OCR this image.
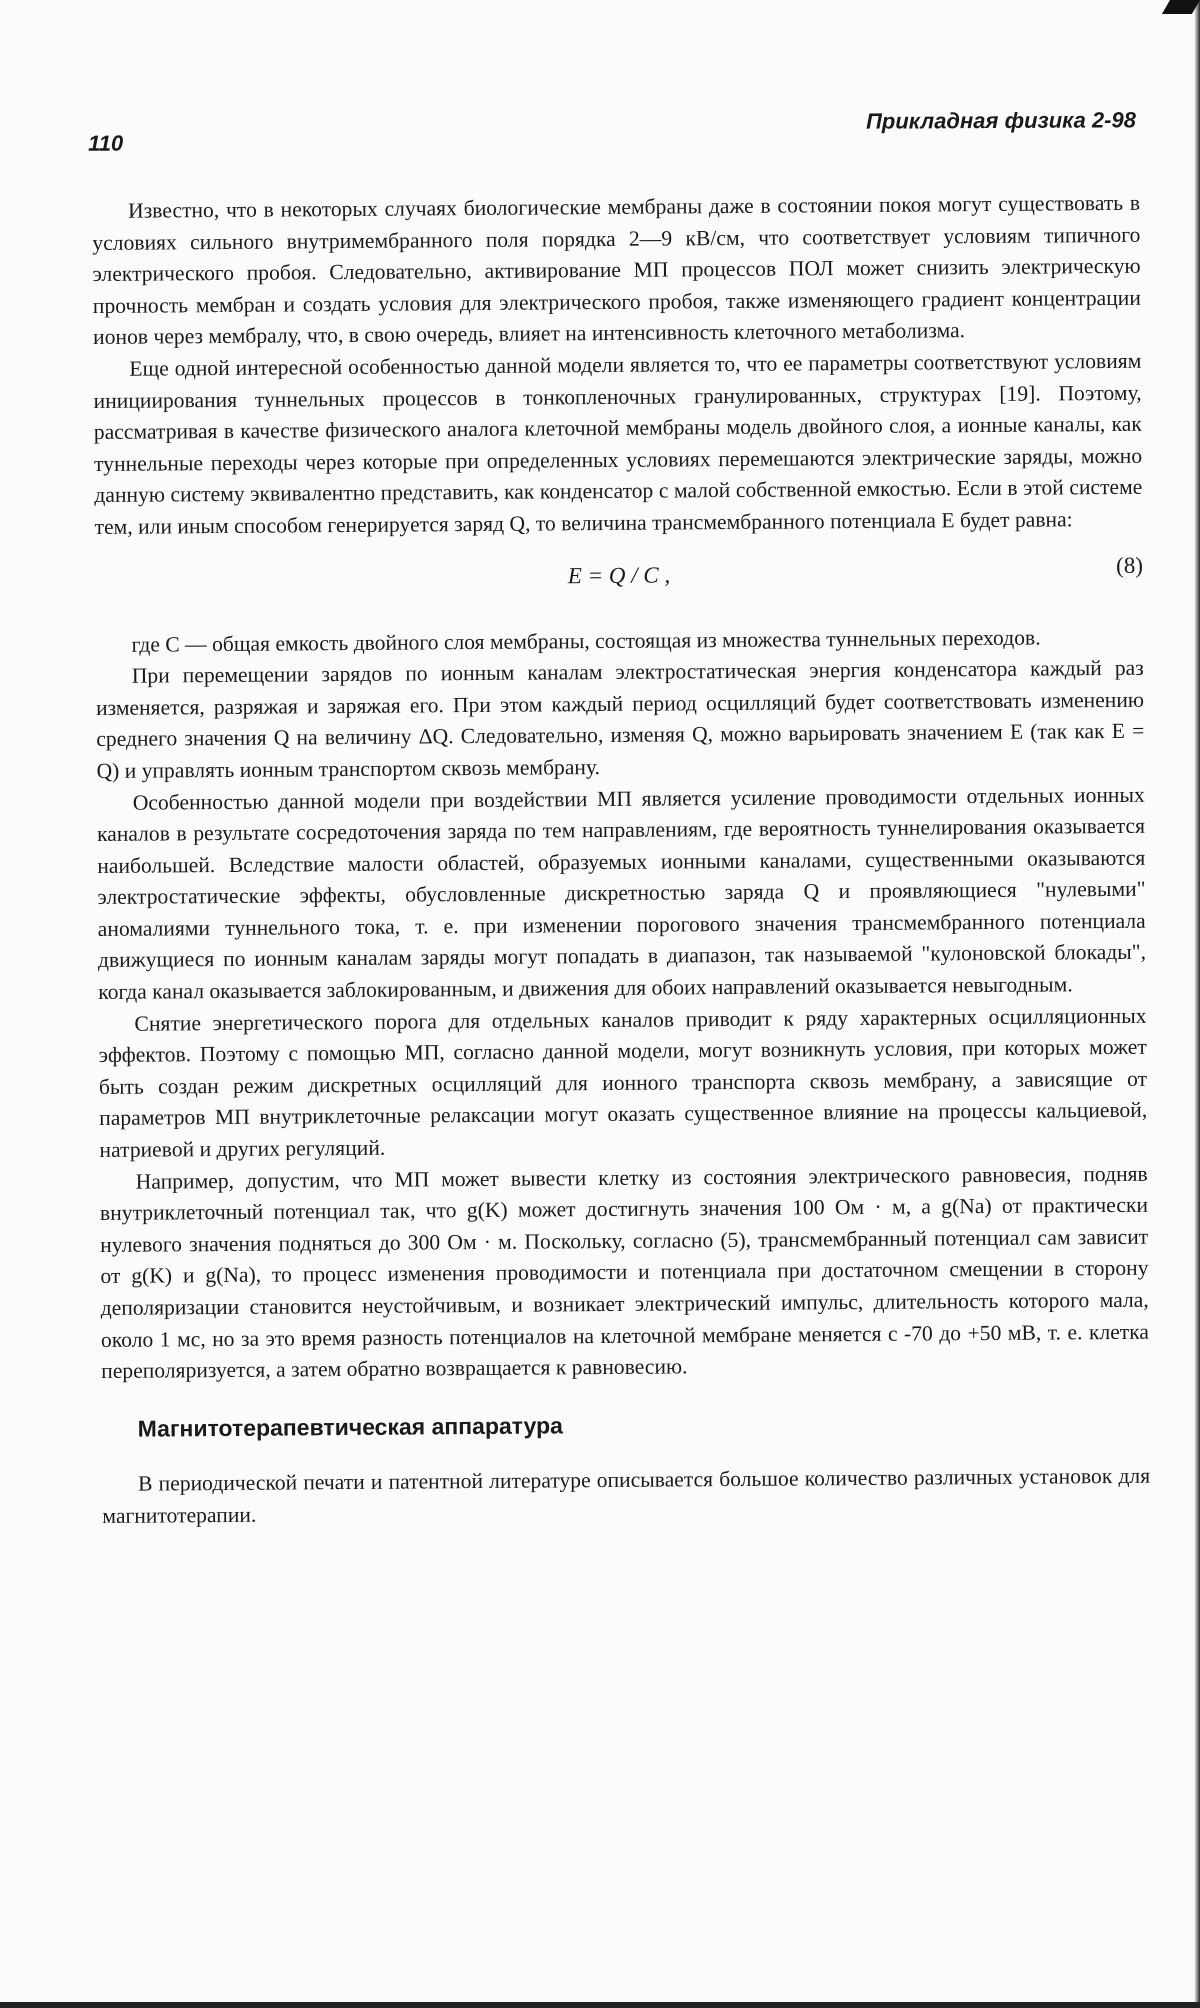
110
Прикладная физика 2-98

Известно, что в некоторых случаях биологические мембраны даже в состоянии покоя могут существовать в условиях сильного внутримембранного поля порядка 2—9 кВ/см, что соответствует условиям типичного электрического пробоя. Следовательно, активирование МП процессов ПОЛ может снизить электрическую прочность мембран и создать условия для электрического пробоя, также изменяющего градиент концентрации ионов через мембралу, что, в свою очередь, влияет на интенсивность клеточного метаболизма.

Еще одной интересной особенностью данной модели является то, что ее параметры соответствуют условиям инициирования туннельных процессов в тонкопленочных гранулированных, структурах [19]. Поэтому, рассматривая в качестве физического аналога клеточной мембраны модель двойного слоя, а ионные каналы, как туннельные переходы через которые при определенных условиях перемешаются электрические заряды, можно данную систему эквивалентно представить, как конденсатор с малой собственной емкостью. Если в этой системе тем, или иным способом генерируется заряд Q, то величина трансмембранного потенциала E будет равна:

E = Q / C ,	(8)

где C — общая емкость двойного слоя мембраны, состоящая из множества туннельных переходов.

При перемещении зарядов по ионным каналам электростатическая энергия конденсатора каждый раз изменяется, разряжая и заряжая его. При этом каждый период осцилляций будет соответствовать изменению среднего значения Q на величину ΔQ. Следовательно, изменяя Q, можно варьировать значением E (так как E = Q) и управлять ионным транспортом сквозь мембрану.

Особенностью данной модели при воздействии МП является усиление проводимости отдельных ионных каналов в результате сосредоточения заряда по тем направлениям, где вероятность туннелирования оказывается наибольшей. Вследствие малости областей, образуемых ионными каналами, существенными оказываются электростатические эффекты, обусловленные дискретностью заряда Q и проявляющиеся "нулевыми" аномалиями туннельного тока, т. е. при изменении порогового значения трансмембранного потенциала движущиеся по ионным каналам заряды могут попадать в диапазон, так называемой "кулоновской блокады", когда канал оказывается заблокированным, и движения для обоих направлений оказывается невыгодным.

Снятие энергетического порога для отдельных каналов приводит к ряду характерных осцилляционных эффектов. Поэтому с помощью МП, согласно данной модели, могут возникнуть условия, при которых может быть создан режим дискретных осцилляций для ионного транспорта сквозь мембрану, а зависящие от параметров МП внутриклеточные релаксации могут оказать существенное влияние на процессы кальциевой, натриевой и других регуляций.

Например, допустим, что МП может вывести клетку из состояния электрического равновесия, подняв внутриклеточный потенциал так, что g(K) может достигнуть значения 100 Ом · м, а g(Na) от практически нулевого значения подняться до 300 Ом · м. Поскольку, согласно (5), трансмембранный потенциал сам зависит от g(K) и g(Na), то процесс изменения проводимости и потенциала при достаточном смещении в сторону деполяризации становится неустойчивым, и возникает электрический импульс, длительность которого мала, около 1 мс, но за это время разность потенциалов на клеточной мембране меняется с -70 до +50 мВ, т. е. клетка переполяризуется, а затем обратно возвращается к равновесию.

Магнитотерапевтическая аппаратура

В периодической печати и патентной литературе описывается большое количество различных установок для магнитотерапии.
